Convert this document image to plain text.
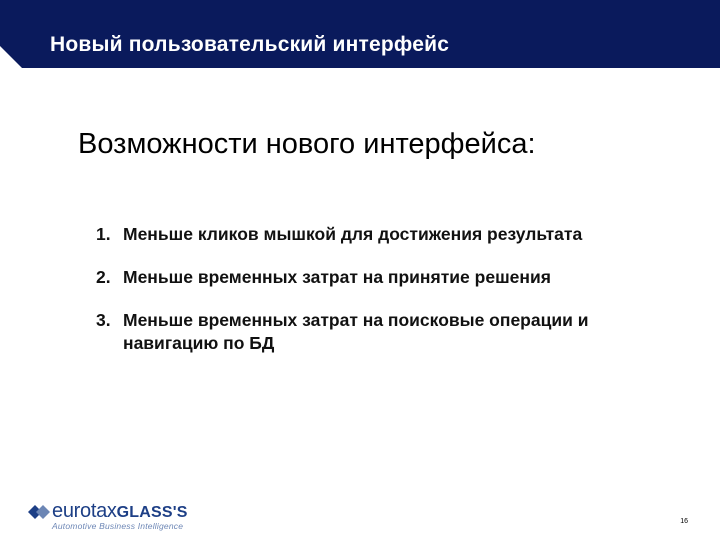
Новый пользовательский интерфейс
Возможности нового интерфейса:
1. Меньше кликов мышкой для достижения результата
2. Меньше временных затрат на принятие решения
3. Меньше временных затрат на поисковые операции и навигацию по БД
eurotaxGLASS'S
Automotive Business Intelligence	16
